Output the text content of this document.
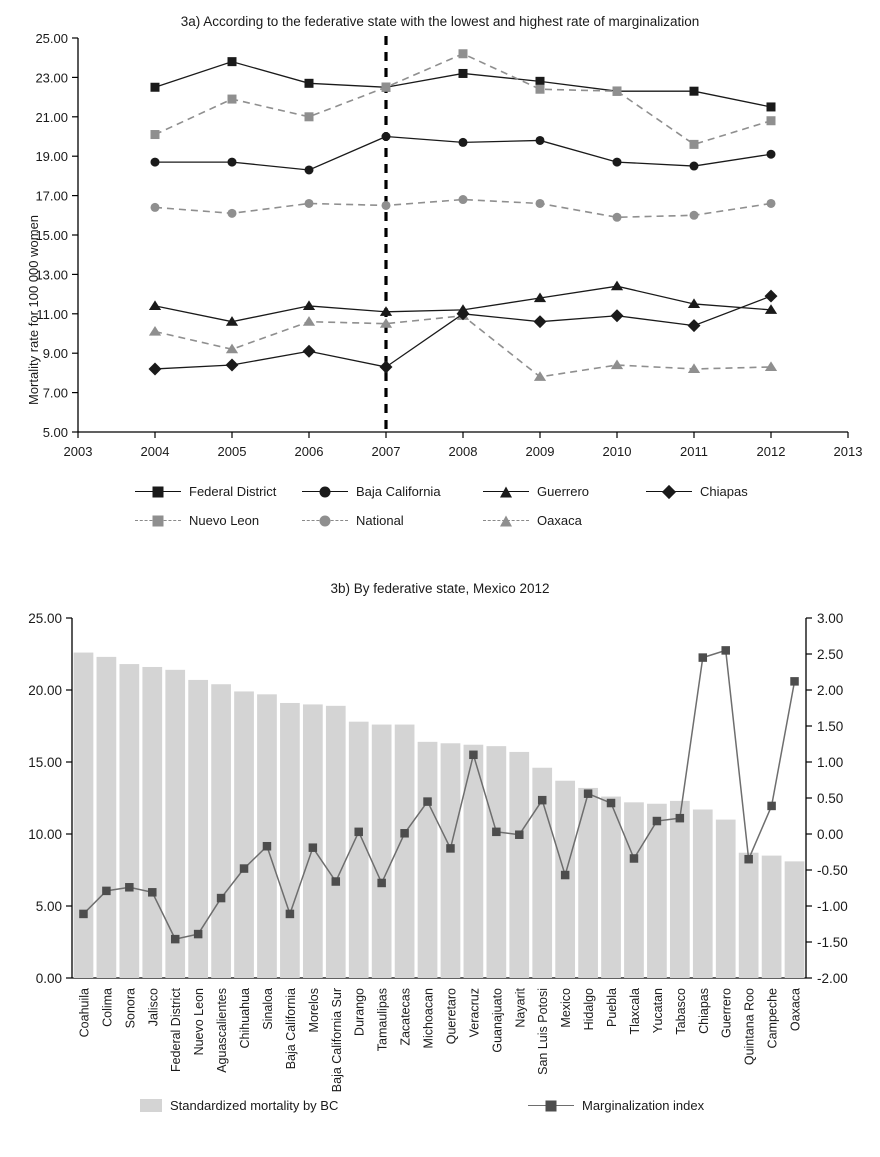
3a) According to the federative state with the lowest and highest rate of marginalization
Mortality rate for 100 000 women
5.00
7.00
9.00
11.00
13.00
15.00
17.00
19.00
21.00
23.00
25.00
2003	2004	2005	2006	2007	2008	2009	2010	2011	2012	2013
Federal District	Baja California	Guerrero	Chiapas
Nuevo Leon	National	Oaxaca
3b) By federative state, Mexico 2012
0.00
5.00
10.00
15.00
20.00
25.00
-2.00
-1.50
-1.00
-0.50
0.00
0.50
1.00
1.50
2.00
2.50
3.00
Coahuila Colima Sonora Jalisco Federal District Nuevo Leon Aguascalientes Chihuahua Sinaloa Baja California Morelos Baja California Sur Durango Tamaulipas Zacatecas Michoacan Queretaro Veracruz Guanajuato Nayarit San Luis Potosi Mexico Hidalgo Puebla Tlaxcala Yucatan Tabasco Chiapas Guerrero Quintana Roo Campeche Oaxaca
Standardized mortality by BC	Marginalization index
